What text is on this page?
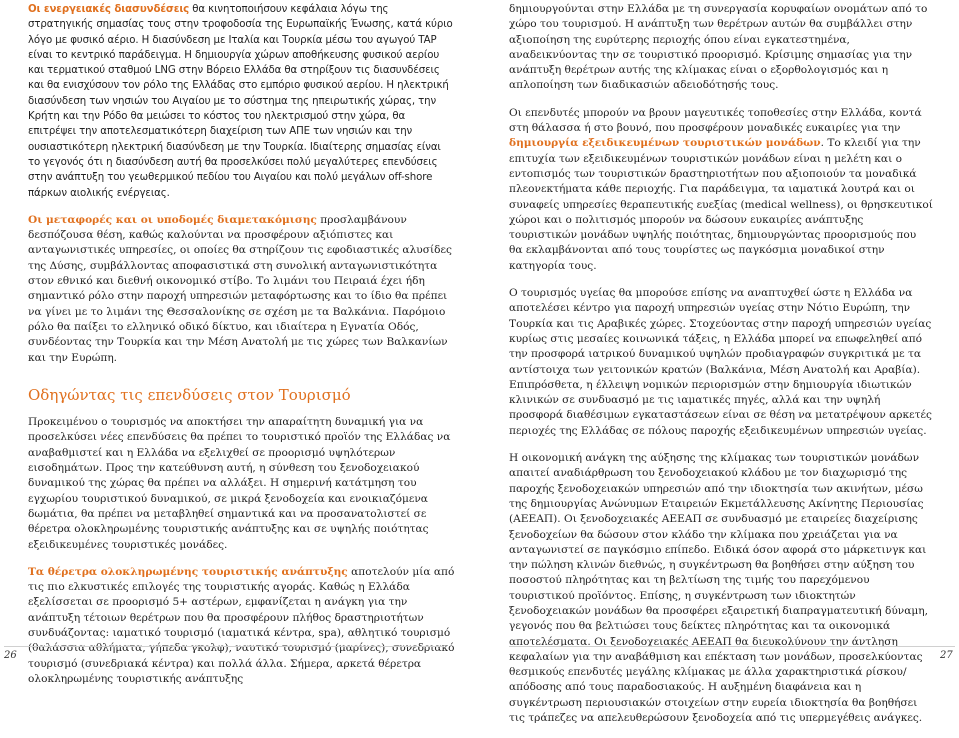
Οι ενεργειακές διασυνδέσεις θα κινητοποιήσουν κεφάλαια λόγω της στρατηγικής σημασίας τους στην τροφοδοσία της Ευρωπαϊκής Ένωσης, κατά κύριο λόγο με φυσικό αέριο. Η διασύνδεση με Ιταλία και Τουρκία μέσω του αγωγού TAP είναι το κεντρικό παράδειγμα. Η δημιουργία χώρων αποθήκευσης φυσικού αερίου και τερματικού σταθμού LNG στην Βόρειο Ελλάδα θα στηρίξουν τις διασυνδέσεις και θα ενισχύσουν τον ρόλο της Ελλάδας στο εμπόριο φυσικού αερίου. Η ηλεκτρική διασύνδεση των νησιών του Αιγαίου με το σύστημα της ηπειρωτικής χώρας, την Κρήτη και την Ρόδο θα μειώσει το κόστος του ηλεκτρισμού στην χώρα, θα επιτρέψει την αποτελεσματικότερη διαχείριση των ΑΠΕ των νησιών και την ουσιαστικότερη ηλεκτρική διασύνδεση με την Τουρκία. Ιδιαίτερης σημασίας είναι το γεγονός ότι η διασύνδεση αυτή θα προσελκύσει πολύ μεγαλύτερες επενδύσεις στην ανάπτυξη του γεωθερμικού πεδίου του Αιγαίου και πολύ μεγάλων off-shore πάρκων αιολικής ενέργειας.

Οι μεταφορές και οι υποδομές διαμετακόμισης προσλαμβάνουν δεσπόζουσα θέση, καθώς καλούνται να προσφέρουν αξιόπιστες και ανταγωνιστικές υπηρεσίες, οι οποίες θα στηρίζουν τις εφοδιαστικές αλυσίδες της Δύσης, συμβάλλοντας αποφασιστικά στη συνολική ανταγωνιστικότητα στον εθνικό και διεθνή οικονομικό στίβο. Το λιμάνι του Πειραιά έχει ήδη σημαντικό ρόλο στην παροχή υπηρεσιών μεταφόρτωσης και το ίδιο θα πρέπει να γίνει με το λιμάνι της Θεσσαλονίκης σε σχέση με τα Βαλκάνια. Παρόμοιο ρόλο θα παίξει το ελληνικό οδικό δίκτυο, και ιδιαίτερα η Εγνατία Οδός, συνδέοντας την Τουρκία και την Μέση Ανατολή με τις χώρες των Βαλκανίων και την Ευρώπη.

Οδηγώντας τις επενδύσεις στον Τουρισμό

Προκειμένου ο τουρισμός να αποκτήσει την απαραίτητη δυναμική για να προσελκύσει νέες επενδύσεις θα πρέπει το τουριστικό προϊόν της Ελλάδας να αναβαθμιστεί και η Ελλάδα να εξελιχθεί σε προορισμό υψηλότερων εισοδημάτων. Προς την κατεύθυνση αυτή, η σύνθεση του ξενοδοχειακού δυναμικού της χώρας θα πρέπει να αλλάξει. Η σημερινή κατάτμηση του εγχωρίου τουριστικού δυναμικού, σε μικρά ξενοδοχεία και ενοικιαζόμενα δωμάτια, θα πρέπει να μεταβληθεί σημαντικά και να προσανατολιστεί σε θέρετρα ολοκληρωμένης τουριστικής ανάπτυξης και σε υψηλής ποιότητας εξειδικευμένες τουριστικές μονάδες.

Τα θέρετρα ολοκληρωμένης τουριστικής ανάπτυξης αποτελούν μία από τις πιο ελκυστικές επιλογές της τουριστικής αγοράς. Καθώς η Ελλάδα εξελίσσεται σε προορισμό 5+ αστέρων, εμφανίζεται η ανάγκη για την ανάπτυξη τέτοιων θερέτρων που θα προσφέρουν πλήθος δραστηριοτήτων συνδυάζοντας: ιαματικό τουρισμό (ιαματικά κέντρα, spa), αθλητικό τουρισμό (θαλάσσια αθλήματα, γήπεδα γκολφ), ναυτικό τουρισμό (μαρίνες), συνεδριακό τουρισμό (συνεδριακά κέντρα) και πολλά άλλα. Σήμερα, αρκετά θέρετρα ολοκληρωμένης τουριστικής ανάπτυξης

δημιουργούνται στην Ελλάδα με τη συνεργασία κορυφαίων ονομάτων από το χώρο του τουρισμού. Η ανάπτυξη των θερέτρων αυτών θα συμβάλλει στην αξιοποίηση της ευρύτερης περιοχής όπου είναι εγκατεστημένα, αναδεικνύοντας την σε τουριστικό προορισμό. Κρίσιμης σημασίας για την ανάπτυξη θερέτρων αυτής της κλίμακας είναι ο εξορθολογισμός και η απλοποίηση των διαδικασιών αδειοδότησής τους.

Οι επενδυτές μπορούν να βρουν μαγευτικές τοποθεσίες στην Ελλάδα, κοντά στη θάλασσα ή στο βουνό, που προσφέρουν μοναδικές ευκαιρίες για την δημιουργία εξειδικευμένων τουριστικών μονάδων. Το κλειδί για την επιτυχία των εξειδικευμένων τουριστικών μονάδων είναι η μελέτη και ο εντοπισμός των τουριστικών δραστηριοτήτων που αξιοποιούν τα μοναδικά πλεονεκτήματα κάθε περιοχής. Για παράδειγμα, τα ιαματικά λουτρά και οι συναφείς υπηρεσίες θεραπευτικής ευεξίας (medical wellness), οι θρησκευτικοί χώροι και ο πολιτισμός μπορούν να δώσουν ευκαιρίες ανάπτυξης τουριστικών μονάδων υψηλής ποιότητας, δημιουργώντας προορισμούς που θα εκλαμβάνονται από τους τουρίστες ως παγκόσμια μοναδικοί στην κατηγορία τους.

Ο τουρισμός υγείας θα μπορούσε επίσης να αναπτυχθεί ώστε η Ελλάδα να αποτελέσει κέντρο για παροχή υπηρεσιών υγείας στην Νότιο Ευρώπη, την Τουρκία και τις Αραβικές χώρες. Στοχεύοντας στην παροχή υπηρεσιών υγείας κυρίως στις μεσαίες κοινωνικά τάξεις, η Ελλάδα μπορεί να επωφεληθεί από την προσφορά ιατρικού δυναμικού υψηλών προδιαγραφών συγκριτικά με τα αντίστοιχα των γειτονικών κρατών (Βαλκάνια, Μέση Ανατολή και Αραβία). Επιπρόσθετα, η έλλειψη νομικών περιορισμών στην δημιουργία ιδιωτικών κλινικών σε συνδυασμό με τις ιαματικές πηγές, αλλά και την υψηλή προσφορά διαθέσιμων εγκαταστάσεων είναι σε θέση να μετατρέψουν αρκετές περιοχές της Ελλάδας σε πόλους παροχής εξειδικευμένων υπηρεσιών υγείας.

Η οικονομική ανάγκη της αύξησης της κλίμακας των τουριστικών μονάδων απαιτεί αναδιάρθρωση του ξενοδοχειακού κλάδου με τον διαχωρισμό της παροχής ξενοδοχειακών υπηρεσιών από την ιδιοκτησία των ακινήτων, μέσω της δημιουργίας Ανώνυμων Εταιρειών Εκμετάλλευσης Ακίνητης Περιουσίας (ΑΕΕΑΠ). Οι ξενοδοχειακές ΑΕΕΑΠ σε συνδυασμό με εταιρείες διαχείρισης ξενοδοχείων θα δώσουν στον κλάδο την κλίμακα που χρειάζεται για να ανταγωνιστεί σε παγκόσμιο επίπεδο. Ειδικά όσον αφορά στο μάρκετινγκ και την πώληση κλινών διεθνώς, η συγκέντρωση θα βοηθήσει στην αύξηση του ποσοστού πληρότητας και τη βελτίωση της τιμής του παρεχόμενου τουριστικού προϊόντος. Επίσης, η συγκέντρωση των ιδιοκτητών ξενοδοχειακών μονάδων θα προσφέρει εξαιρετική διαπραγματευτική δύναμη, γεγονός που θα βελτιώσει τους δείκτες πληρότητας και τα οικονομικά αποτελέσματα. Οι ξενοδοχειακές ΑΕΕΑΠ θα διευκολύνουν την άντληση κεφαλαίων για την αναβάθμιση και επέκταση των μονάδων, προσελκύοντας θεσμικούς επενδυτές μεγάλης κλίμακας με άλλα χαρακτηριστικά ρίσκου/απόδοσης από τους παραδοσιακούς. Η αυξημένη διαφάνεια και η συγκέντρωση περιουσιακών στοιχείων στην ευρεία ιδιοκτησία θα βοηθήσει τις τράπεζες να απελευθερώσουν ξενοδοχεία από τις υπερμεγέθεις ανάγκες.

26	27
